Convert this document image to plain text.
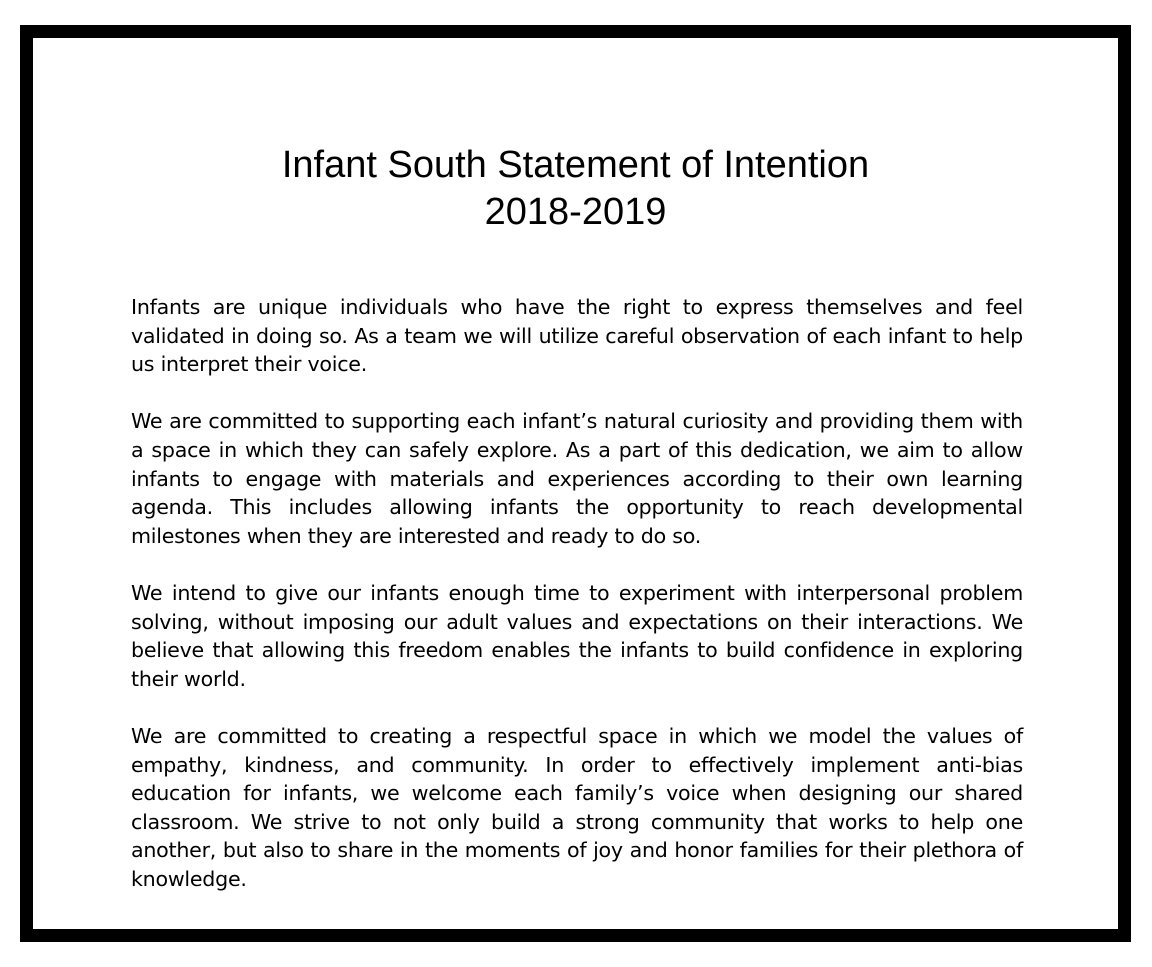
Infant South Statement of Intention
2018-2019

Infants are unique individuals who have the right to express themselves and feel validated in doing so. As a team we will utilize careful observation of each infant to help us interpret their voice.

We are committed to supporting each infant’s natural curiosity and providing them with a space in which they can safely explore. As a part of this dedication, we aim to allow infants to engage with materials and experiences according to their own learning agenda. This includes allowing infants the opportunity to reach developmental milestones when they are interested and ready to do so.

We intend to give our infants enough time to experiment with interpersonal problem solving, without imposing our adult values and expectations on their interactions. We believe that allowing this freedom enables the infants to build confidence in exploring their world.

We are committed to creating a respectful space in which we model the values of empathy, kindness, and community. In order to effectively implement anti-bias education for infants, we welcome each family’s voice when designing our shared classroom. We strive to not only build a strong community that works to help one another, but also to share in the moments of joy and honor families for their plethora of knowledge.
